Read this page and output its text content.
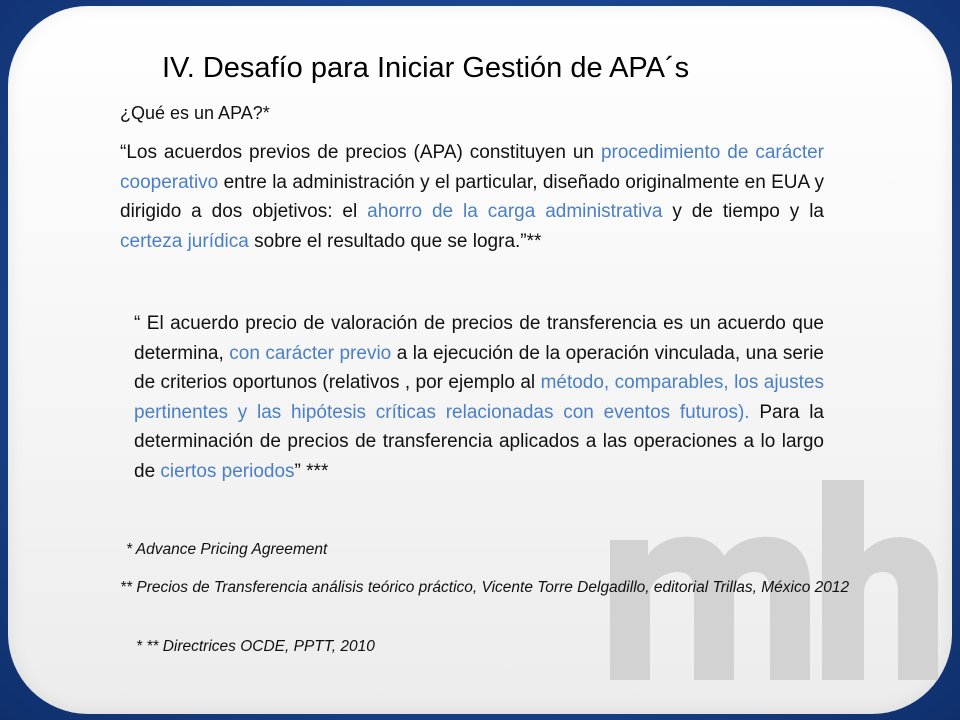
IV. Desafío para Iniciar Gestión de APA´s
¿Qué es un APA?*

“Los acuerdos previos de precios (APA) constituyen un procedimiento de carácter cooperativo entre la administración y el particular, diseñado originalmente en EUA y dirigido a dos objetivos: el ahorro de la carga administrativa y de tiempo y la certeza jurídica sobre el resultado que se logra.”**

“ El acuerdo precio de valoración de precios de transferencia es un acuerdo que determina, con carácter previo a la ejecución de la operación vinculada, una serie de criterios oportunos (relativos , por ejemplo al método, comparables, los ajustes pertinentes y las hipótesis críticas relacionadas con eventos futuros). Para la determinación de precios de transferencia aplicados a las operaciones a lo largo de ciertos periodos” ***

* Advance Pricing Agreement

** Precios de Transferencia análisis teórico práctico, Vicente Torre Delgadillo, editorial Trillas, México 2012

* ** Directrices OCDE, PPTT, 2010
